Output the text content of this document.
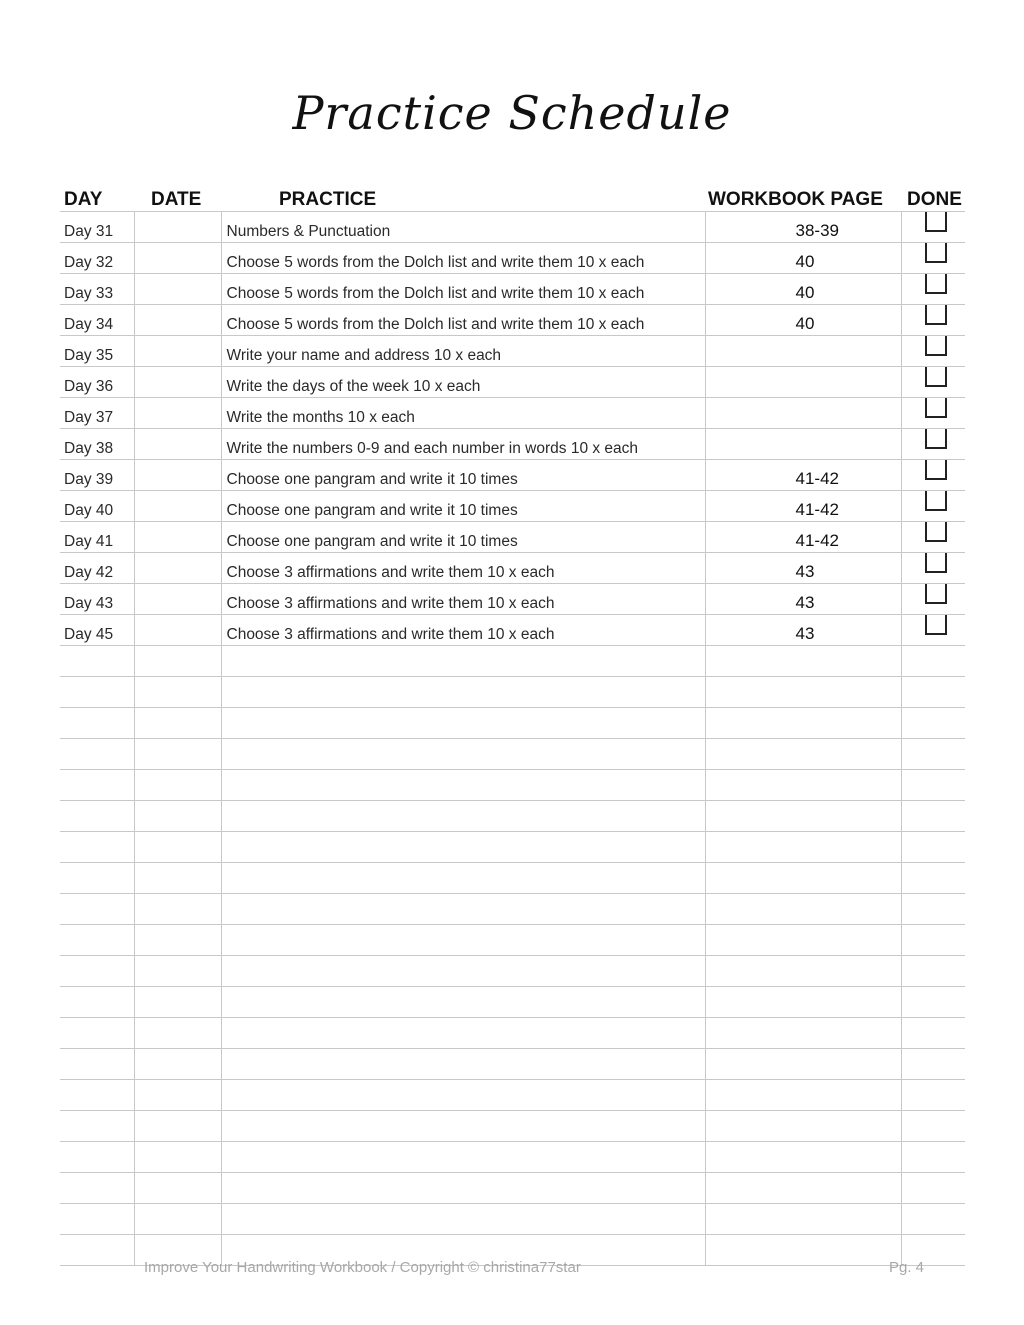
Practice Schedule
DAY	DATE	PRACTICE	WORKBOOK PAGE	DONE
Day 31		Numbers & Punctuation	38-39	

Day 32		Choose 5 words from the Dolch list and write them 10 x each	40	

Day 33		Choose 5 words from the Dolch list and write them 10 x each	40	

Day 34		Choose 5 words from the Dolch list and write them 10 x each	40	

Day 35		Write your name and address 10 x each		

Day 36		Write the days of the week 10 x each		

Day 37		Write the months 10 x each		

Day 38		Write the numbers 0-9 and each number in words 10 x each		

Day 39		Choose one pangram and write it 10 times	41-42	

Day 40		Choose one pangram and write it 10 times	41-42	

Day 41		Choose one pangram and write it 10 times	41-42	

Day 42		Choose 3 affirmations and write them 10 x each	43	

Day 43		Choose 3 affirmations and write them 10 x each	43	

Day 45		Choose 3 affirmations and write them 10 x each	43	

Improve Your Handwriting Workbook / Copyright © christina77star	Pg. 4
